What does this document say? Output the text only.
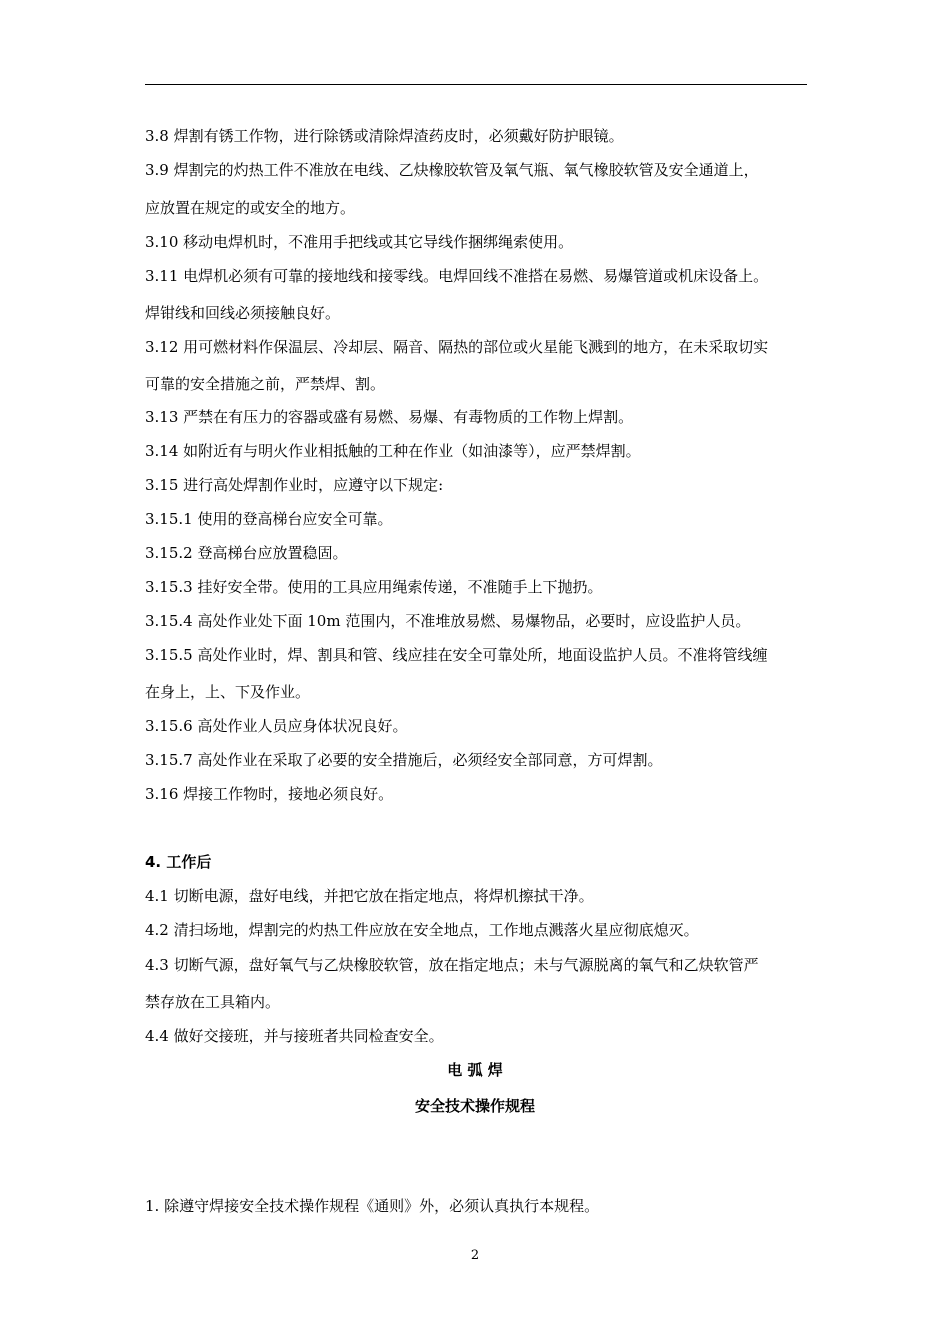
3.8 焊割有锈工作物，进行除锈或清除焊渣药皮时，必须戴好防护眼镜。
3.9 焊割完的灼热工件不准放在电线、乙炔橡胶软管及氧气瓶、氧气橡胶软管及安全通道上，
应放置在规定的或安全的地方。
3.10 移动电焊机时，不准用手把线或其它导线作捆绑绳索使用。
3.11 电焊机必须有可靠的接地线和接零线。电焊回线不准搭在易燃、易爆管道或机床设备上。
焊钳线和回线必须接触良好。
3.12 用可燃材料作保温层、冷却层、隔音、隔热的部位或火星能飞溅到的地方，在未采取切实
可靠的安全措施之前，严禁焊、割。
3.13 严禁在有压力的容器或盛有易燃、易爆、有毒物质的工作物上焊割。
3.14 如附近有与明火作业相抵触的工种在作业（如油漆等），应严禁焊割。
3.15 进行高处焊割作业时，应遵守以下规定:
3.15.1 使用的登高梯台应安全可靠。
3.15.2 登高梯台应放置稳固。
3.15.3 挂好安全带。使用的工具应用绳索传递，不准随手上下抛扔。
3.15.4 高处作业处下面 10m 范围内，不准堆放易燃、易爆物品，必要时，应设监护人员。
3.15.5 高处作业时，焊、割具和管、线应挂在安全可靠处所，地面设监护人员。不准将管线缠
在身上，上、下及作业。
3.15.6 高处作业人员应身体状况良好。
3.15.7 高处作业在采取了必要的安全措施后，必须经安全部同意，方可焊割。
3.16 焊接工作物时，接地必须良好。
4. 工作后
4.1 切断电源，盘好电线，并把它放在指定地点，将焊机擦拭干净。
4.2 清扫场地，焊割完的灼热工件应放在安全地点，工作地点溅落火星应彻底熄灭。
4.3 切断气源，盘好氧气与乙炔橡胶软管，放在指定地点；未与气源脱离的氧气和乙炔软管严
禁存放在工具箱内。
4.4 做好交接班，并与接班者共同检查安全。
电 弧 焊
安全技术操作规程
1. 除遵守焊接安全技术操作规程《通则》外，必须认真执行本规程。
2
